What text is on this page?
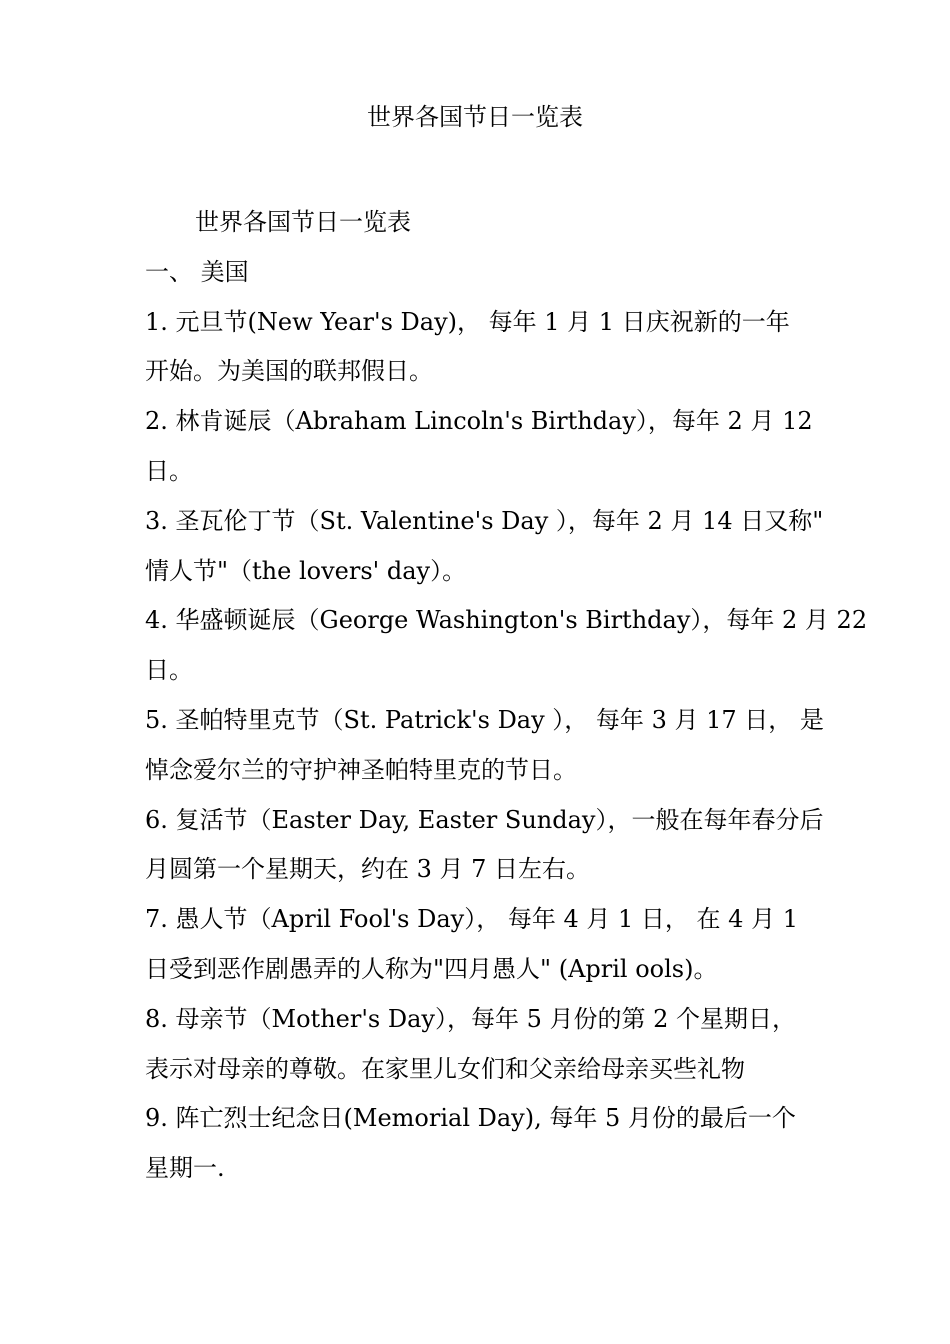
世界各国节日一览表
世界各国节日一览表
一、 美国
1. 元旦节(New Year's Day)， 每年 1 月 1 日庆祝新的一年
开始。为美国的联邦假日。
2. 林肯诞辰（Abraham Lincoln's Birthday），每年 2 月 12
日。
3. 圣瓦伦丁节（St. Valentine's Day ），每年 2 月 14 日又称"
情人节"（the lovers' day）。
4. 华盛顿诞辰（George Washington's Birthday），每年 2 月 22
日。
5. 圣帕特里克节（St. Patrick's Day ）， 每年 3 月 17 日， 是
悼念爱尔兰的守护神圣帕特里克的节日。
6. 复活节（Easter Day, Easter Sunday），一般在每年春分后
月圆第一个星期天，约在 3 月 7 日左右。
7. 愚人节（April Fool's Day）， 每年 4 月 1 日， 在 4 月 1
日受到恶作剧愚弄的人称为"四月愚人" (April ools)。
8. 母亲节（Mother's Day），每年 5 月份的第 2 个星期日，
表示对母亲的尊敬。在家里儿女们和父亲给母亲买些礼物
9. 阵亡烈士纪念日(Memorial Day), 每年 5 月份的最后一个
星期一.
